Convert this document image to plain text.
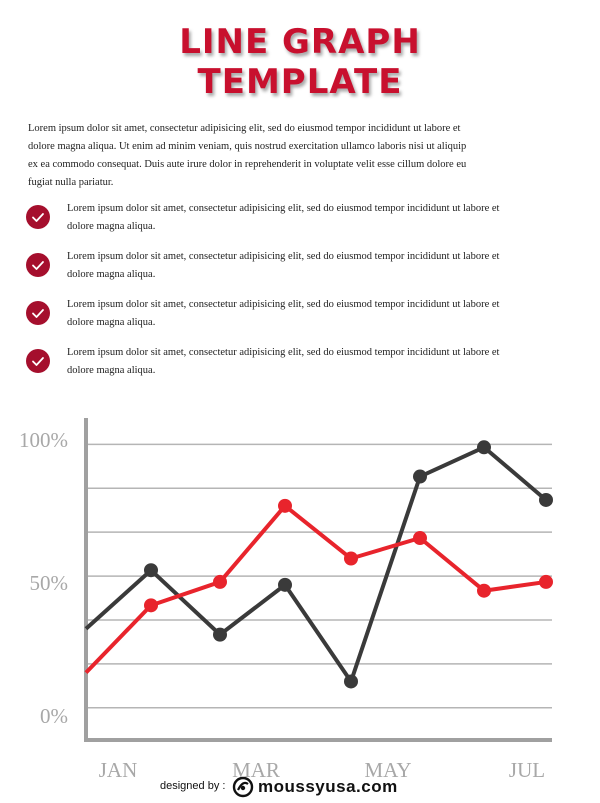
LINE GRAPH
TEMPLATE

Lorem ipsum dolor sit amet, consectetur adipisicing elit, sed do eiusmod tempor incididunt ut labore et dolore magna aliqua. Ut enim ad minim veniam, quis nostrud exercitation ullamco laboris nisi ut aliquip ex ea commodo consequat. Duis aute irure dolor in reprehenderit in voluptate velit esse cillum dolore eu fugiat nulla pariatur.

Lorem ipsum dolor sit amet, consectetur adipisicing elit, sed do eiusmod tempor incididunt ut labore et dolore magna aliqua.
Lorem ipsum dolor sit amet, consectetur adipisicing elit, sed do eiusmod tempor incididunt ut labore et dolore magna aliqua.
Lorem ipsum dolor sit amet, consectetur adipisicing elit, sed do eiusmod tempor incididunt ut labore et dolore magna aliqua.
Lorem ipsum dolor sit amet, consectetur adipisicing elit, sed do eiusmod tempor incididunt ut labore et dolore magna aliqua.
0%
50%
100%
JAN	MAR	MAY	JUL
designed by : moussyusa.com
